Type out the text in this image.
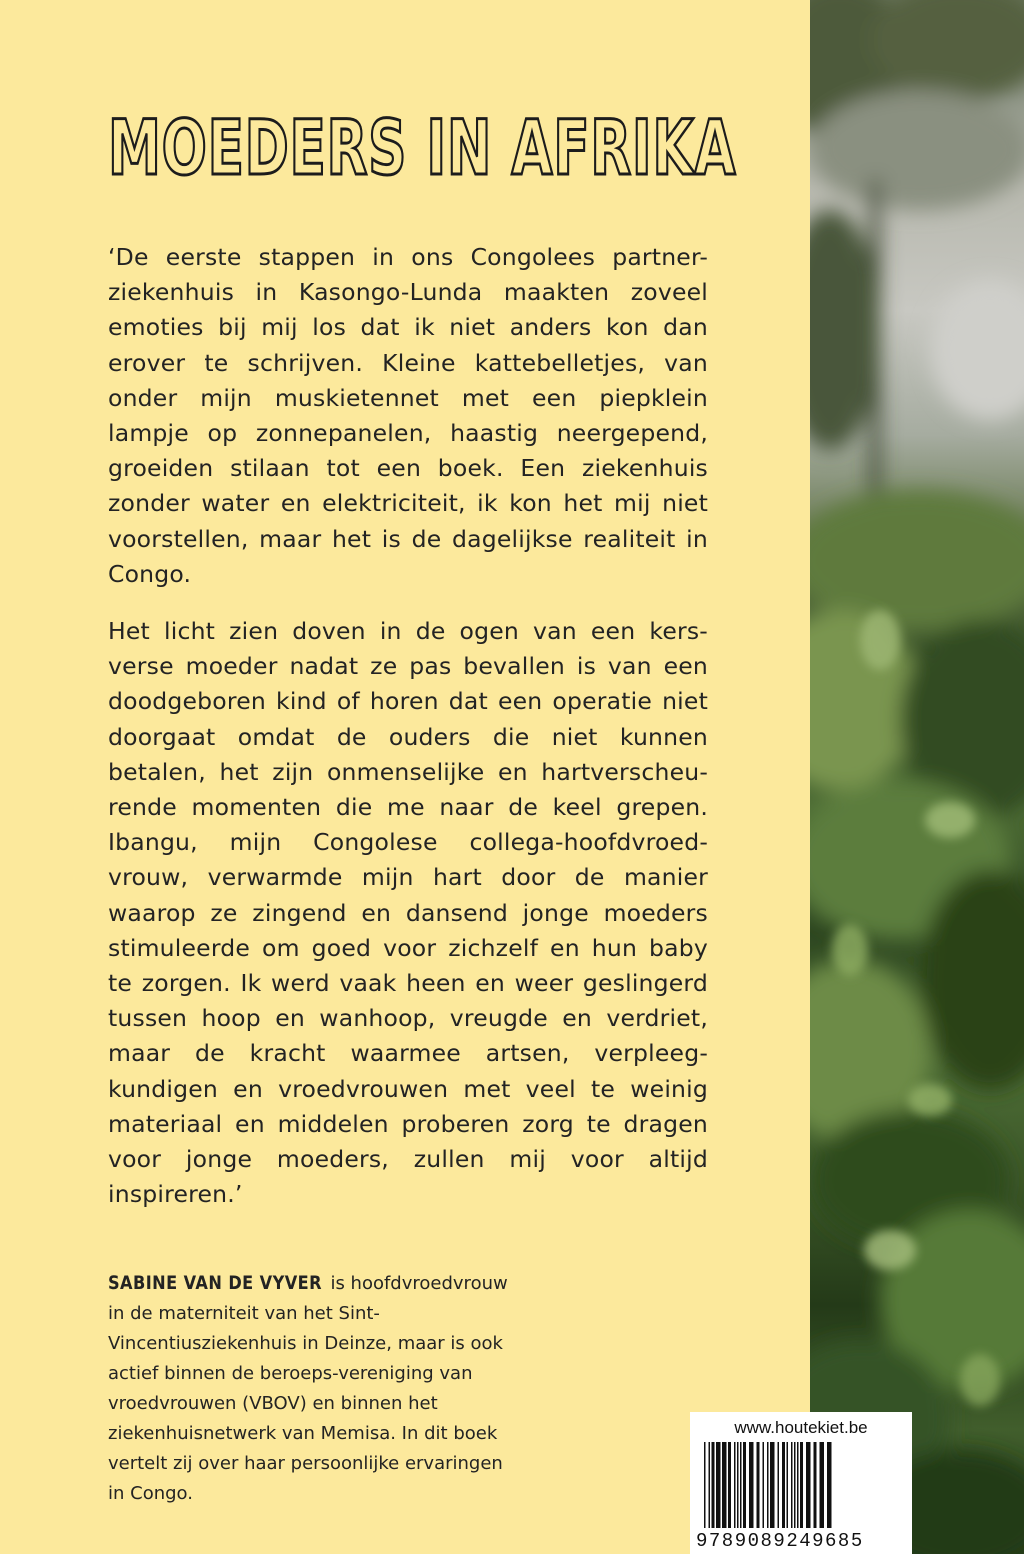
MOEDERS IN AFRIKA

‘De eerste stappen in ons Congolees partner-ziekenhuis in Kasongo-Lunda maakten zoveel emoties bij mij los dat ik niet anders kon dan erover te schrijven. Kleine kattebelletjes, van onder mijn muskietennet met een piepklein lampje op zonnepanelen, haastig neergepend, groeiden stilaan tot een boek. Een ziekenhuis zonder water en elektriciteit, ik kon het mij niet voorstellen, maar het is de dagelijkse realiteit in Congo.

Het licht zien doven in de ogen van een kers-verse moeder nadat ze pas bevallen is van een doodgeboren kind of horen dat een operatie niet doorgaat omdat de ouders die niet kunnen betalen, het zijn onmenselijke en hartverscheu-rende momenten die me naar de keel grepen. Ibangu, mijn Congolese collega-hoofdvroed-vrouw, verwarmde mijn hart door de manier waarop ze zingend en dansend jonge moeders stimuleerde om goed voor zichzelf en hun baby te zorgen. Ik werd vaak heen en weer geslingerd tussen hoop en wanhoop, vreugde en verdriet, maar de kracht waarmee artsen, verpleeg-kundigen en vroedvrouwen met veel te weinig materiaal en middelen proberen zorg te dragen voor jonge moeders, zullen mij voor altijd inspireren.’

SABINE VAN DE VYVER is hoofdvroedvrouw in de materniteit van het Sint-Vincentiusziekenhuis in Deinze, maar is ook actief binnen de beroeps-vereniging van vroedvrouwen (VBOV) en binnen het ziekenhuisnetwerk van Memisa. In dit boek vertelt zij over haar persoonlijke ervaringen in Congo.

www.houtekiet.be
9789089249685
